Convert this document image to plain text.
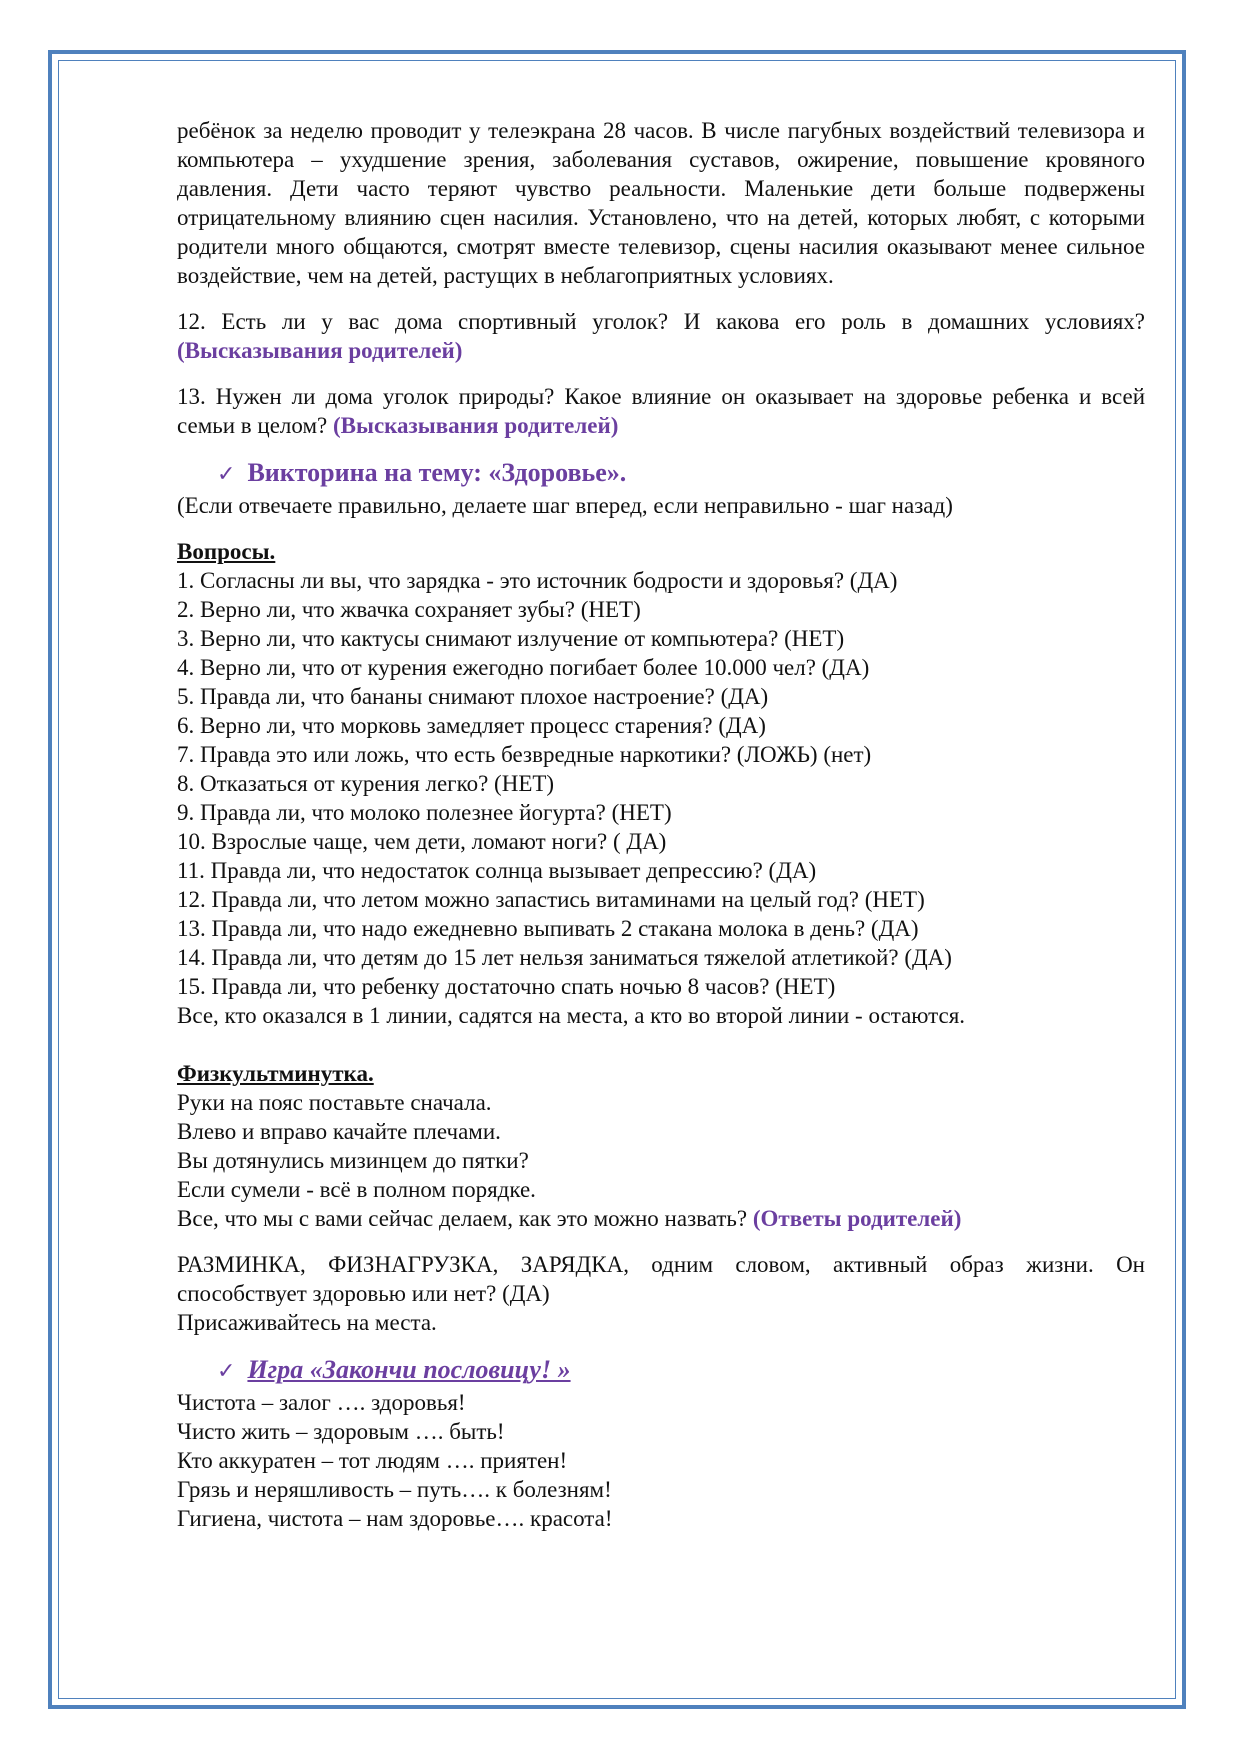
ребёнок за неделю проводит у телеэкрана 28 часов. В числе пагубных воздействий телевизора и компьютера – ухудшение зрения, заболевания суставов, ожирение, повышение кровяного давления. Дети часто теряют чувство реальности. Маленькие дети больше подвержены отрицательному влиянию сцен насилия. Установлено, что на детей, которых любят, с которыми родители много общаются, смотрят вместе телевизор, сцены насилия оказывают менее сильное воздействие, чем на детей, растущих в неблагоприятных условиях.

12. Есть ли у вас дома спортивный уголок? И какова его роль в домашних условиях? (Высказывания родителей)

13. Нужен ли дома уголок природы? Какое влияние он оказывает на здоровье ребенка и всей семьи в целом? (Высказывания родителей)

✓ Викторина на тему: «Здоровье».

(Если отвечаете правильно, делаете шаг вперед, если неправильно - шаг назад)

Вопросы.

1. Согласны ли вы, что зарядка - это источник бодрости и здоровья? (ДА)
2. Верно ли, что жвачка сохраняет зубы? (НЕТ)
3. Верно ли, что кактусы снимают излучение от компьютера? (НЕТ)
4. Верно ли, что от курения ежегодно погибает более 10.000 чел? (ДА)
5. Правда ли, что бананы снимают плохое настроение? (ДА)
6. Верно ли, что морковь замедляет процесс старения? (ДА)
7. Правда это или ложь, что есть безвредные наркотики? (ЛОЖЬ) (нет)
8. Отказаться от курения легко? (НЕТ)
9. Правда ли, что молоко полезнее йогурта? (НЕТ)
10. Взрослые чаще, чем дети, ломают ноги? ( ДА)
11. Правда ли, что недостаток солнца вызывает депрессию? (ДА)
12. Правда ли, что летом можно запастись витаминами на целый год? (НЕТ)
13. Правда ли, что надо ежедневно выпивать 2 стакана молока в день? (ДА)
14. Правда ли, что детям до 15 лет нельзя заниматься тяжелой атлетикой? (ДА)
15. Правда ли, что ребенку достаточно спать ночью 8 часов? (НЕТ)

Все, кто оказался в 1 линии, садятся на места, а кто во второй линии - остаются.

Физкультминутка.

Руки на пояс поставьте сначала.
Влево и вправо качайте плечами.
Вы дотянулись мизинцем до пятки?
Если сумели - всё в полном порядке.

Все, что мы с вами сейчас делаем, как это можно назвать? (Ответы родителей)

РАЗМИНКА, ФИЗНАГРУЗКА, ЗАРЯДКА, одним словом, активный образ жизни. Он способствует здоровью или нет? (ДА)

Присаживайтесь на места.

✓ Игра «Закончи пословицу! »
Чистота – залог …. здоровья!
Чисто жить – здоровым …. быть!
Кто аккуратен – тот людям …. приятен!
Грязь и неряшливость – путь…. к болезням!
Гигиена, чистота – нам здоровье…. красота!
